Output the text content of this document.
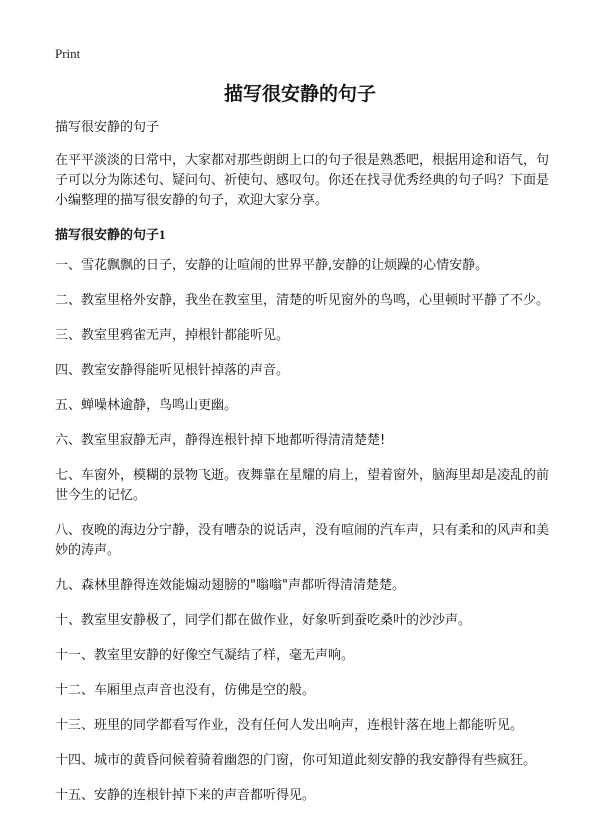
Print
描写很安静的句子

描写很安静的句子

在平平淡淡的日常中，大家都对那些朗朗上口的句子很是熟悉吧，根据用途和语气，句子可以分为陈述句、疑问句、祈使句、感叹句。你还在找寻优秀经典的句子吗？下面是小编整理的描写很安静的句子，欢迎大家分享。

描写很安静的句子1

一、雪花飘飘的日子，安静的让喧闹的世界平静,安静的让烦躁的心情安静。

二、教室里格外安静，我坐在教室里，清楚的听见窗外的鸟鸣，心里顿时平静了不少。

三、教室里鸦雀无声，掉根针都能听见。

四、教室安静得能听见根针掉落的声音。

五、蝉噪林逾静，鸟鸣山更幽。

六、教室里寂静无声，静得连根针掉下地都听得清清楚楚!

七、车窗外，模糊的景物飞逝。夜舞靠在星耀的肩上，望着窗外，脑海里却是凌乱的前世今生的记忆。

八、夜晚的海边分宁静，没有嘈杂的说话声，没有喧闹的汽车声，只有柔和的风声和美妙的涛声。

九、森林里静得连效能煽动翅膀的"嗡嗡"声都听得清清楚楚。

十、教室里安静极了，同学们都在做作业，好象听到蚕吃桑叶的沙沙声。

十一、教室里安静的好像空气凝结了样，毫无声响。

十二、车厢里点声音也没有，仿佛是空的般。

十三、班里的同学都看写作业，没有任何人发出响声，连根针落在地上都能听见。

十四、城市的黄昏问候着骑着幽怨的门窗，你可知道此刻安静的我安静得有些疯狂。

十五、安静的连根针掉下来的声音都听得见。
